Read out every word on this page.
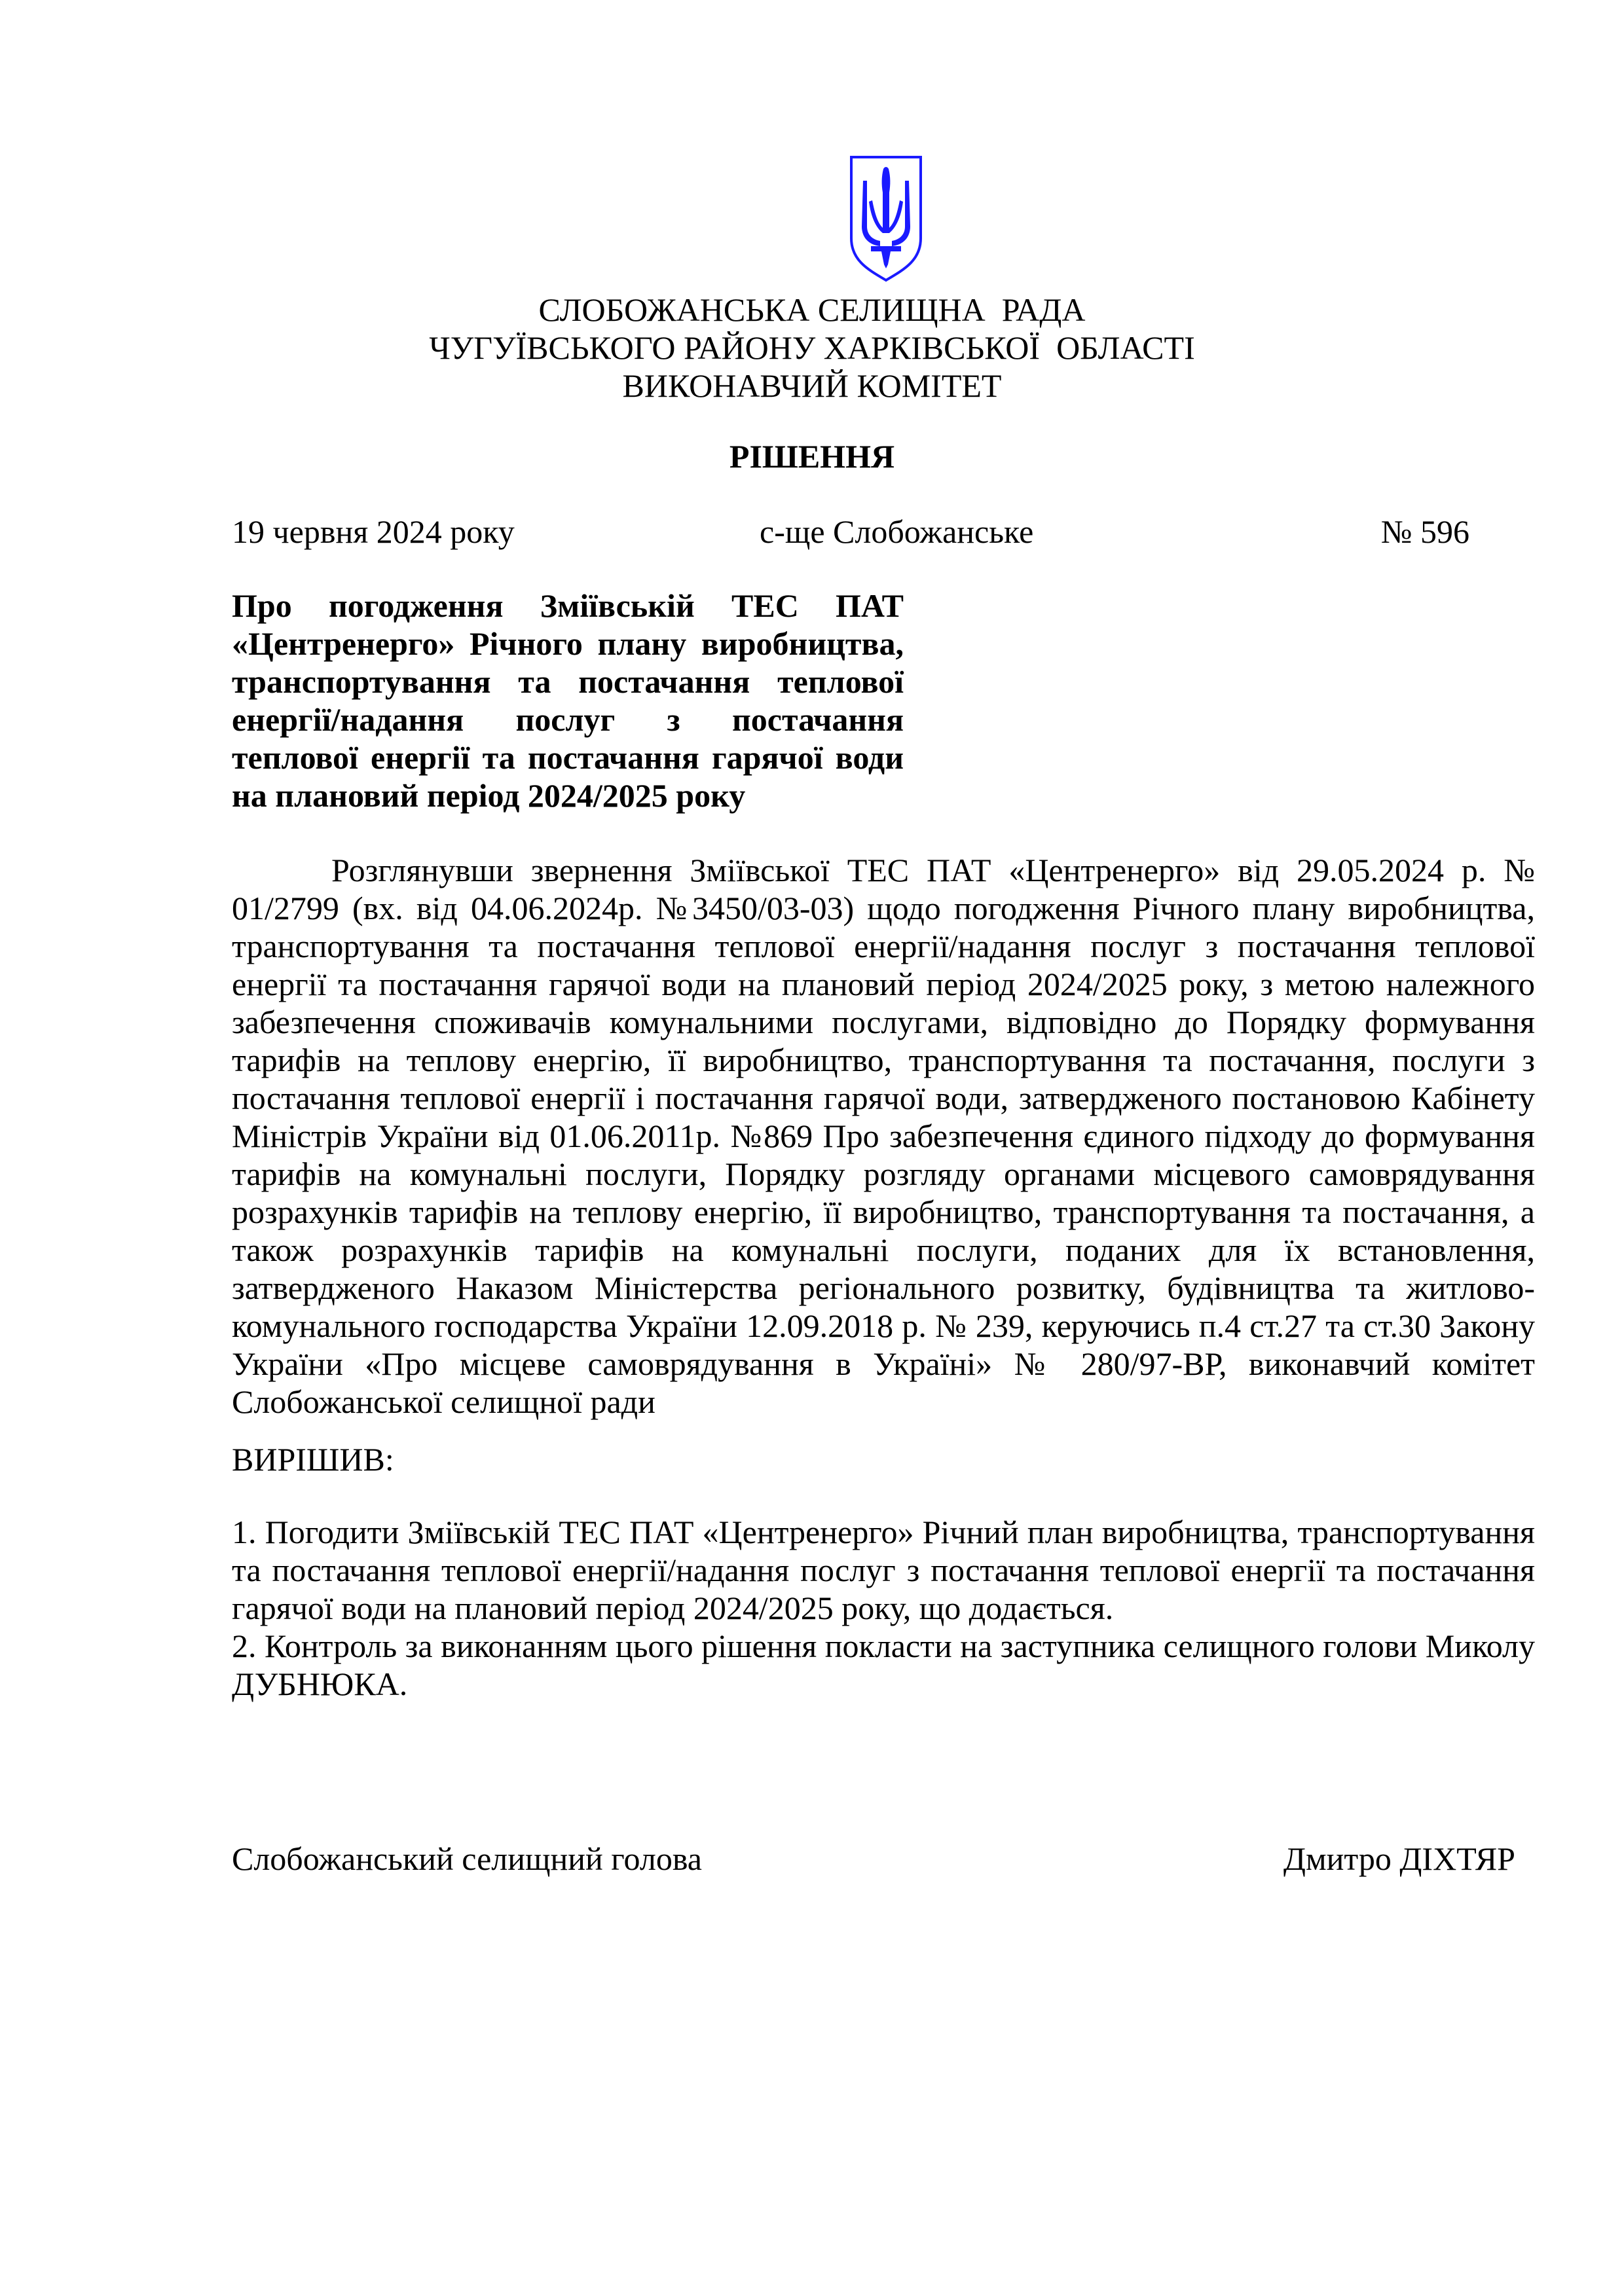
СЛОБОЖАНСЬКА СЕЛИЩНА  РАДА
ЧУГУЇВСЬКОГО РАЙОНУ ХАРКІВСЬКОЇ  ОБЛАСТІ
ВИКОНАВЧИЙ КОМІТЕТ
РІШЕННЯ
19 червня 2024 року	с-ще Слобожанське	№ 596
Про погодження Зміївській ТЕС ПАТ
«Центренерго» Річного плану виробництва,
транспортування та постачання теплової
енергії/надання послуг з постачання
теплової енергії та постачання гарячої води
на плановий період 2024/2025 року
Розглянувши звернення Зміївської ТЕС ПАТ «Центренерго» від 29.05.2024 р. № 01/2799 (вх. від 04.06.2024р. №3450/03-03) щодо погодження Річного плану виробництва, транспортування та постачання теплової енергії/надання послуг з постачання теплової енергії та постачання гарячої води на плановий період 2024/2025 року, з метою належного забезпечення споживачів комунальними послугами, відповідно до Порядку формування тарифів на теплову енергію, її виробництво, транспортування та постачання, послуги з постачання теплової енергії і постачання гарячої води, затвердженого постановою Кабінету Міністрів України від 01.06.2011р. №869 Про забезпечення єдиного підходу до формування тарифів на комунальні послуги, Порядку розгляду органами місцевого самоврядування розрахунків тарифів на теплову енергію, її виробництво, транспортування та постачання, а також розрахунків тарифів на комунальні послуги, поданих для їх встановлення, затвердженого Наказом Міністерства регіонального розвитку, будівництва та житлово-комунального господарства України 12.09.2018 р. № 239, керуючись п.4 ст.27 та ст.30 Закону України «Про місцеве самоврядування в Україні» № 280/97-ВР, виконавчий комітет Слобожанської селищної ради
ВИРІШИВ:

1. Погодити Зміївській ТЕС ПАТ «Центренерго» Річний план виробництва, транспортування та постачання теплової енергії/надання послуг з постачання теплової енергії та постачання гарячої води на плановий період 2024/2025 року, що додається.

2. Контроль за виконанням цього рішення покласти на заступника селищного голови Миколу ДУБНЮКА.

Слобожанський селищний голова	Дмитро ДІХТЯР
